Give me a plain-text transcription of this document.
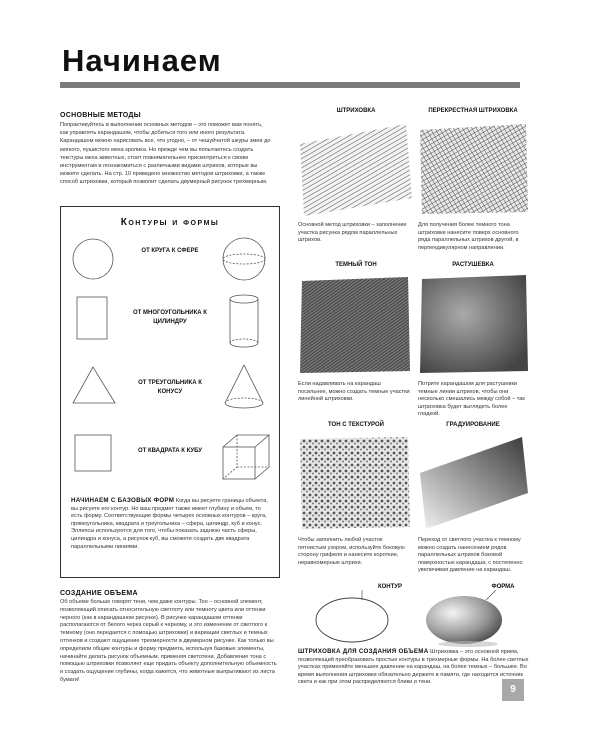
Начинаем
ОСНОВНЫЕ МЕТОДЫ
Попрактикуйтесь в выполнении основных методов – это поможет вам понять, как управлять карандашом, чтобы добиться того или иного результата. Карандашом можно нарисовать все, что угодно, – от чешуйчатой шкуры змеи до мягкого, пушистого меха кролика. Но прежде чем вы попытаетесь создать текстуры меха животных, стоит повнимательнее присмотреться к своим инструментам и познакомиться с различными видами штрихов, которые вы можете сделать. На стр. 10 приведено множество методов штриховки, а также способ штриховки, который позволит сделать двумерный рисунок трехмерным.
Контуры и формы
ОТ КРУГА К СФЕРЕ
ОТ МНОГОУГОЛЬНИКА К ЦИЛИНДРУ
ОТ ТРЕУГОЛЬНИКА К КОНУСУ
ОТ КВАДРАТА К КУБУ
НАЧИНАЕМ С БАЗОВЫХ ФОРМ Когда вы рисуете границы объекта, вы рисуете его контур. Но ваш предмет также имеет глубину и объем, то есть форму. Соответствующие формы четырех основных контуров – круга, прямоугольника, квадрата и треугольника – сфера, цилиндр, куб и конус. Эллипсы используются для того, чтобы показать заднюю часть сферы, цилиндра и конуса, а рисунок куб, вы сможете создать две квадрата параллельными линиями.
СОЗДАНИЕ ОБЪЕМА
Об объеме больше говорят тени, чем даже контуры. Тон – основной элемент, позволяющий описать относительную светлоту или темноту цвета или оттенки черного (как в карандашном рисунке). В рисунке карандашом оттенки располагаются от белого через серый к черному, и это изменение от светлого к темному (оно передается с помощью штриховки) и вариации светлых и темных оттенков и создают ощущение трехмерности в двумерном рисунке. Как только вы определили общие контуры и форму предмета, используя базовые элементы, начинайте делать рисунок объемным, применяя светотени. Добавление тона с помощью штриховки позволяет еще придать объекту дополнительную объемность и создать ощущение глубины, когда кажется, что животные выпрыгивают из листа бумаги!
ШТРИХОВКА	ПЕРЕКРЕСТНАЯ ШТРИХОВКА
ТЕМНЫЙ ТОН	РАСТУШЕВКА
ТОН С ТЕКСТУРОЙ	ГРАДУИРОВАНИЕ
Основной метод штриховки – заполнение участка рисунка рядом параллельных штрихов.
Для получения более темного тона штриховки нанесите поверх основного ряда параллельных штрихов другой, в перпендикулярном направлении.
Если надавливать на карандаш посильнее, можно создать темные участки линейной штриховки.
Потрите карандашом для растушевки темные линии штрихов, чтобы они несколько смешались между собой – так штриховка будет выглядеть более гладкой.
Чтобы заполнить любой участок пятнистым узором, используйте боковую сторону грифеля и нанесите короткие, неравномерные штрихи.
Переход от светлого участка к темному можно создать нанесением рядов параллельных штрихов боковой поверхностью карандаша, с постепенно увеличивая давление на карандаш.
КОНТУР	ФОРМА
ШТРИХОВКА ДЛЯ СОЗДАНИЯ ОБЪЕМА Штриховка – это основной прием, позволяющий преобразовать простые контуры в трехмерные формы. На более светлых участках применяйте меньшее давление на карандаш, на более темных – большее. Во время выполнения штриховки обязательно держите в памяти, где находится источник света и как при этом распределяются блики и тени.
9
